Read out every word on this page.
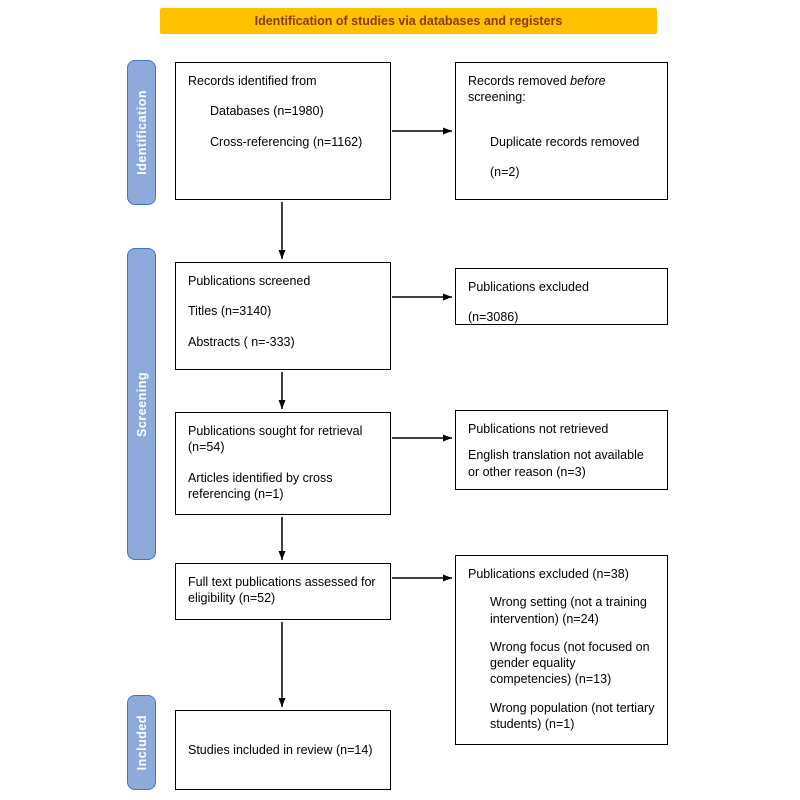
Identification of studies via databases and registers
Identification
Screening
Included

Records identified from

Databases (n=1980)

Cross-referencing (n=1162)

Records removed before screening:

Duplicate records removed

(n=2)

Publications screened

Titles (n=3140)

Abstracts ( n=-333)

Publications excluded

(n=3086)

Publications sought for retrieval (n=54)

Articles identified by cross referencing (n=1)

Publications not retrieved

English translation not available or other reason (n=3)

Full text publications assessed for eligibility (n=52)

Publications excluded (n=38)

Wrong setting (not a training intervention) (n=24)

Wrong focus (not focused on gender equality competencies) (n=13)

Wrong population (not tertiary students) (n=1)

Studies included in review (n=14)
